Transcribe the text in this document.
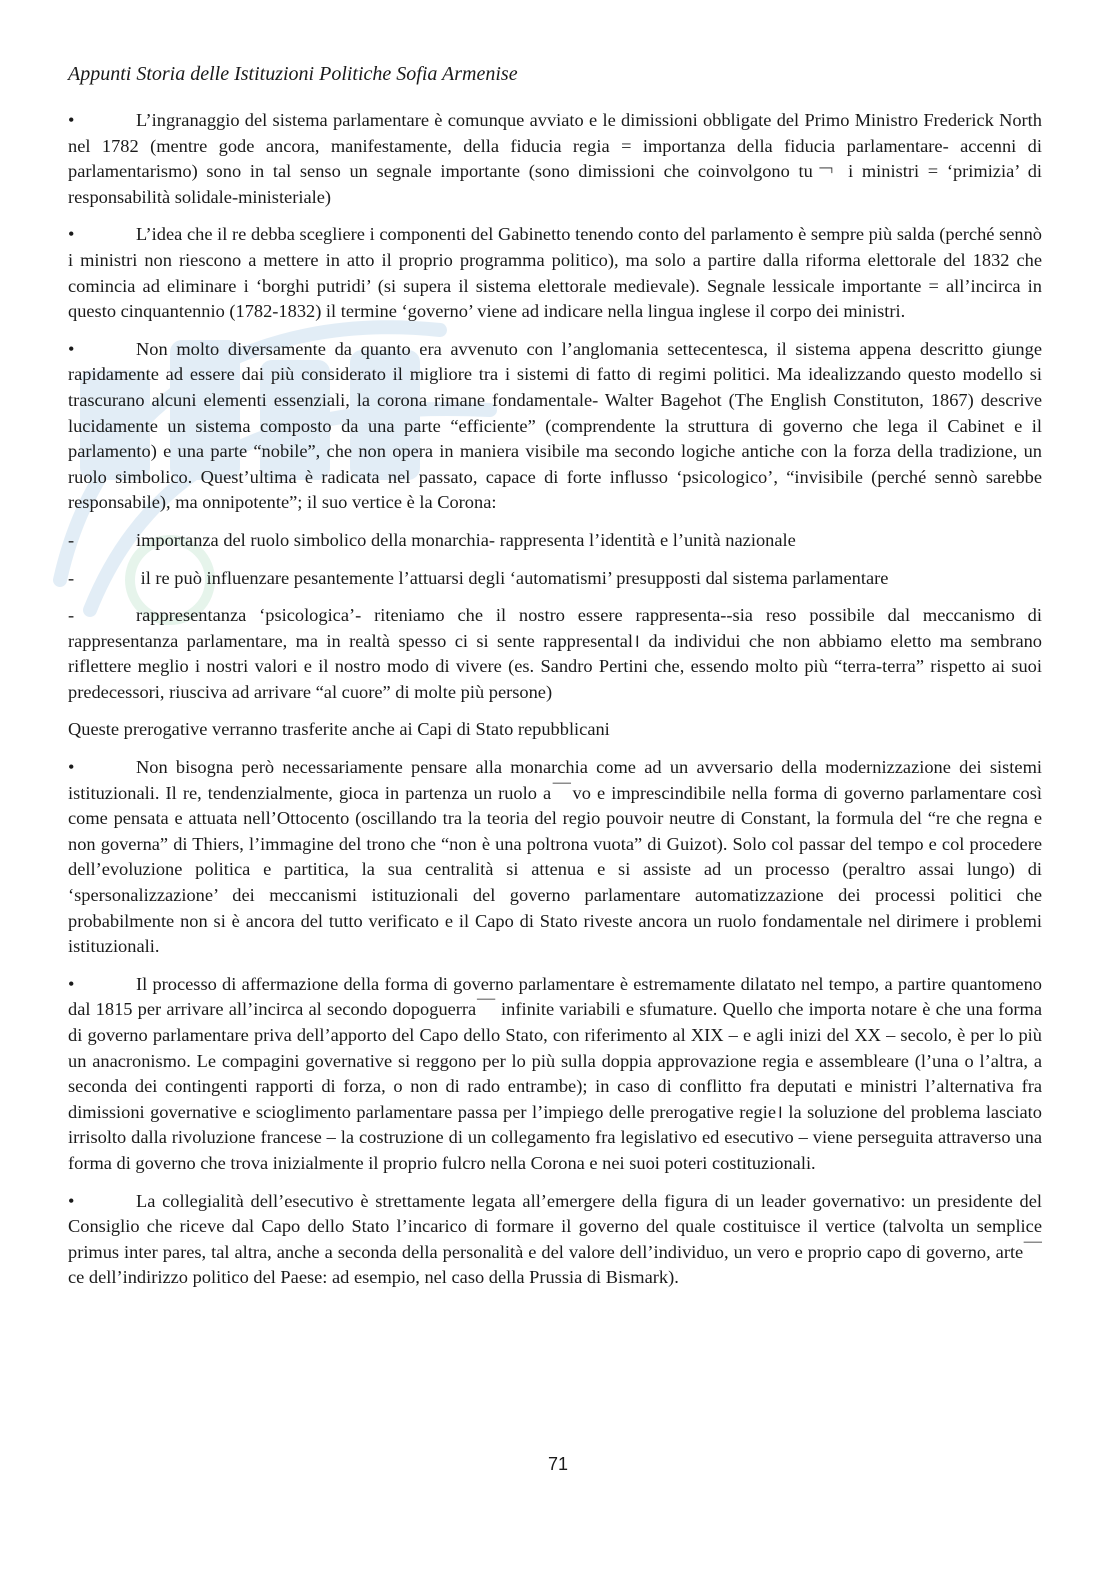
Appunti Storia delle Istituzioni Politiche Sofia Armenise

•	L’ingranaggio del sistema parlamentare è comunque avviato e le dimissioni obbligate del Primo Ministro Frederick North nel 1782 (mentre gode ancora, manifestamente, della fiducia regia = importanza della fiducia parlamentare- accenni di parlamentarismo) sono in tal senso un segnale importante (sono dimissioni che coinvolgono tu￢ i ministri = ‘primizia’ di responsabilità solidale-ministeriale)

•	L’idea che il re debba scegliere i componenti del Gabinetto tenendo conto del parlamento è sempre più salda (perché sennò i ministri non riescono a mettere in atto il proprio programma politico), ma solo a partire dalla riforma elettorale del 1832 che comincia ad eliminare i ‘borghi putridi’ (si supera il sistema elettorale medievale). Segnale lessicale importante = all’incirca in questo cinquantennio (1782-1832) il termine ‘governo’ viene ad indicare nella lingua inglese il corpo dei ministri.

•	Non molto diversamente da quanto era avvenuto con l’anglomania settecentesca, il sistema appena descritto giunge rapidamente ad essere dai più considerato il migliore tra i sistemi di fatto di regimi politici. Ma idealizzando questo modello si trascurano alcuni elementi essenziali, la corona rimane fondamentale- Walter Bagehot (The English Constituton, 1867) descrive lucidamente un sistema composto da una parte “efficiente” (comprendente la struttura di governo che lega il Cabinet e il parlamento) e una parte “nobile”, che non opera in maniera visibile ma secondo logiche antiche con la forza della tradizione, un ruolo simbolico. Quest’ultima è radicata nel passato, capace di forte influsso ‘psicologico’, “invisibile (perché sennò sarebbe responsabile), ma onnipotente”; il suo vertice è la Corona:

-	importanza del ruolo simbolico della monarchia- rappresenta l’identità e l’unità nazionale

-	il re può influenzare pesantemente l’attuarsi degli ‘automatismi’ presupposti dal sistema parlamentare

-	rappresentanza ‘psicologica’- riteniamo che il nostro essere rappresenta--sia reso possibile dal meccanismo di rappresentanza parlamentare, ma in realtà spesso ci si sente rappresental। da individui che non abbiamo eletto ma sembrano riflettere meglio i nostri valori e il nostro modo di vivere (es. Sandro Pertini che, essendo molto più “terra-terra” rispetto ai suoi predecessori, riusciva ad arrivare “al cuore” di molte più persone)

Queste prerogative verranno trasferite anche ai Capi di Stato repubblicani

•	Non bisogna però necessariamente pensare alla monarchia come ad un avversario della modernizzazione dei sistemi istituzionali. Il re, tendenzialmente, gioca in partenza un ruolo a￣vo e imprescindibile nella forma di governo parlamentare così come pensata e attuata nell’Ottocento (oscillando tra la teoria del regio pouvoir neutre di Constant, la formula del “re che regna e non governa” di Thiers, l’immagine del trono che “non è una poltrona vuota” di Guizot). Solo col passar del tempo e col procedere dell’evoluzione politica e partitica, la sua centralità si attenua e si assiste ad un processo (peraltro assai lungo) di ‘spersonalizzazione’ dei meccanismi istituzionali del governo parlamentare automatizzazione dei processi politici che probabilmente non si è ancora del tutto verificato e il Capo di Stato riveste ancora un ruolo fondamentale nel dirimere i problemi istituzionali.

•	Il processo di affermazione della forma di governo parlamentare è estremamente dilatato nel tempo, a partire quantomeno dal 1815 per arrivare all’incirca al secondo dopoguerra￣ infinite variabili e sfumature. Quello che importa notare è che una forma di governo parlamentare priva dell’apporto del Capo dello Stato, con riferimento al XIX – e agli inizi del XX – secolo, è per lo più un anacronismo. Le compagini governative si reggono per lo più sulla doppia approvazione regia e assembleare (l’una o l’altra, a seconda dei contingenti rapporti di forza, o non di rado entrambe); in caso di conflitto fra deputati e ministri l’alternativa fra dimissioni governative e scioglimento parlamentare passa per l’impiego delle prerogative regie। la soluzione del problema lasciato irrisolto dalla rivoluzione francese – la costruzione di un collegamento fra legislativo ed esecutivo – viene perseguita attraverso una forma di governo che trova inizialmente il proprio fulcro nella Corona e nei suoi poteri costituzionali.

•	La collegialità dell’esecutivo è strettamente legata all’emergere della figura di un leader governativo: un presidente del Consiglio che riceve dal Capo dello Stato l’incarico di formare il governo del quale costituisce il vertice (talvolta un semplice primus inter pares, tal altra, anche a seconda della personalità e del valore dell’individuo, un vero e proprio capo di governo, arte￣ce dell’indirizzo politico del Paese: ad esempio, nel caso della Prussia di Bismark).

71
